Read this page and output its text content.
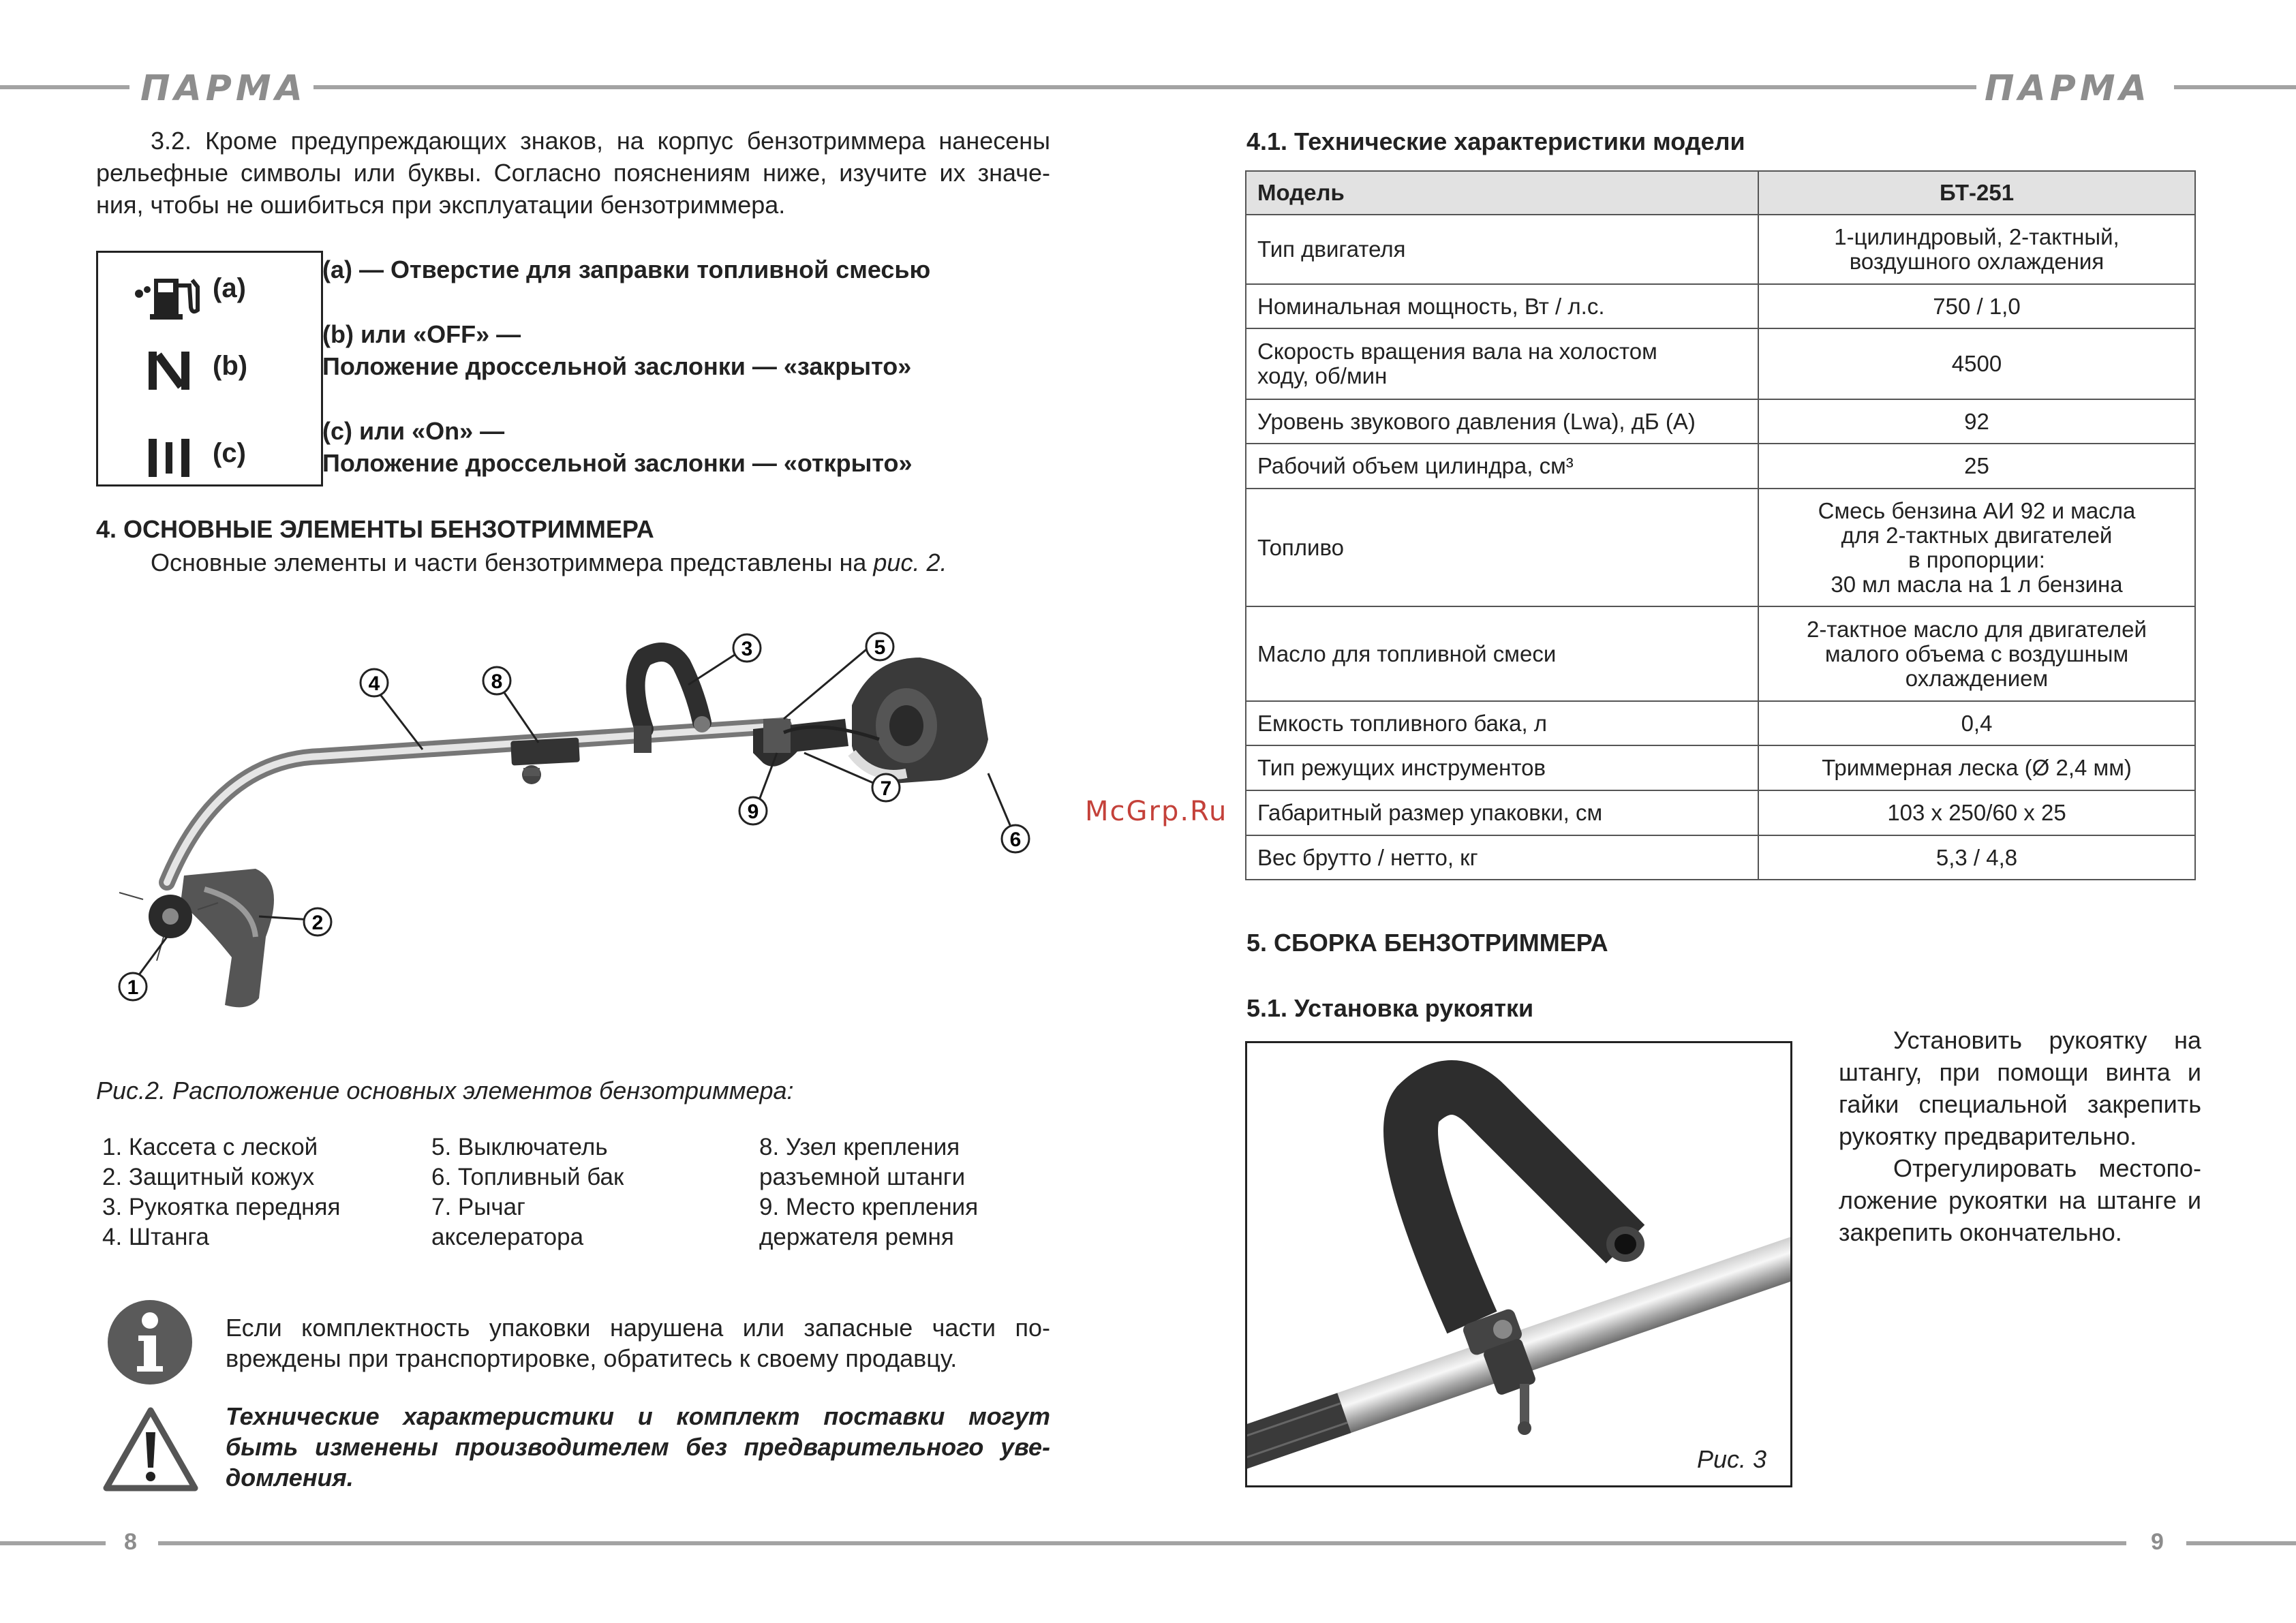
ПАРМА	ПАРМА
8	9
3.2. Кроме предупреждающих знаков, на корпус бензотриммера нанесены
рельефные символы или буквы. Согласно пояснениям ниже, изучите их значе-
ния, чтобы не ошибиться при эксплуатации бензотриммера.
(a)
(b)
(c)

(a) — Отверстие для заправки топливной смесью

(b) или «OFF» —
Положение дроссельной заслонки — «закрыто»

(c) или «On» —
Положение дроссельной заслонки — «открыто»

4. ОСНОВНЫЕ ЭЛЕМЕНТЫ БЕНЗОТРИММЕРА
Основные элементы и части бензотриммера представлены на рис. 2.
1
2
3
4
5
6
7
8
9
Рис.2. Расположение основных элементов бензотриммера:
1. Кассета с леской
2. Защитный кожух
3. Рукоятка передняя
4. Штанга
5. Выключатель
6. Топливный бак
7. Рычаг
акселератора
8. Узел крепления
разъемной штанги
9. Место крепления
держателя ремня
Если комплектность упаковки нарушена или запасные части по-
вреждены при транспортировке, обратитесь к своему продавцу.
Технические характеристики и комплект поставки могут
быть изменены производителем без предварительного уве-
домления.
McGrp.Ru
4.1. Технические характеристики модели
Модель	БТ-251
Тип двигателя	1-цилиндровый, 2-тактный,
воздушного охлаждения
Номинальная мощность, Вт / л.с.	750 / 1,0
Скорость вращения вала на холостом
ходу, об/мин	4500
Уровень звукового давления (Lwa), дБ (A)	92
Рабочий объем цилиндра, см³	25
Топливо	Смесь бензина АИ 92 и масла
для 2-тактных двигателей
в пропорции:
30 мл масла на 1 л бензина
Масло для топливной смеси	2-тактное масло для двигателей
малого объема с воздушным
охлаждением
Емкость топливного бака, л	0,4
Тип режущих инструментов	Триммерная леска (Ø 2,4 мм)
Габаритный размер упаковки, см	103 х 250/60 х 25
Вес брутто / нетто, кг	5,3 / 4,8
5. СБОРКА БЕНЗОТРИММЕРА
5.1. Установка рукоятки
Рис. 3
Установить рукоятку на
штангу, при помощи винта и
гайки специальной закрепить
рукоятку предварительно.
Отрегулировать местопо-
ложение рукоятки на штанге и
закрепить окончательно.
